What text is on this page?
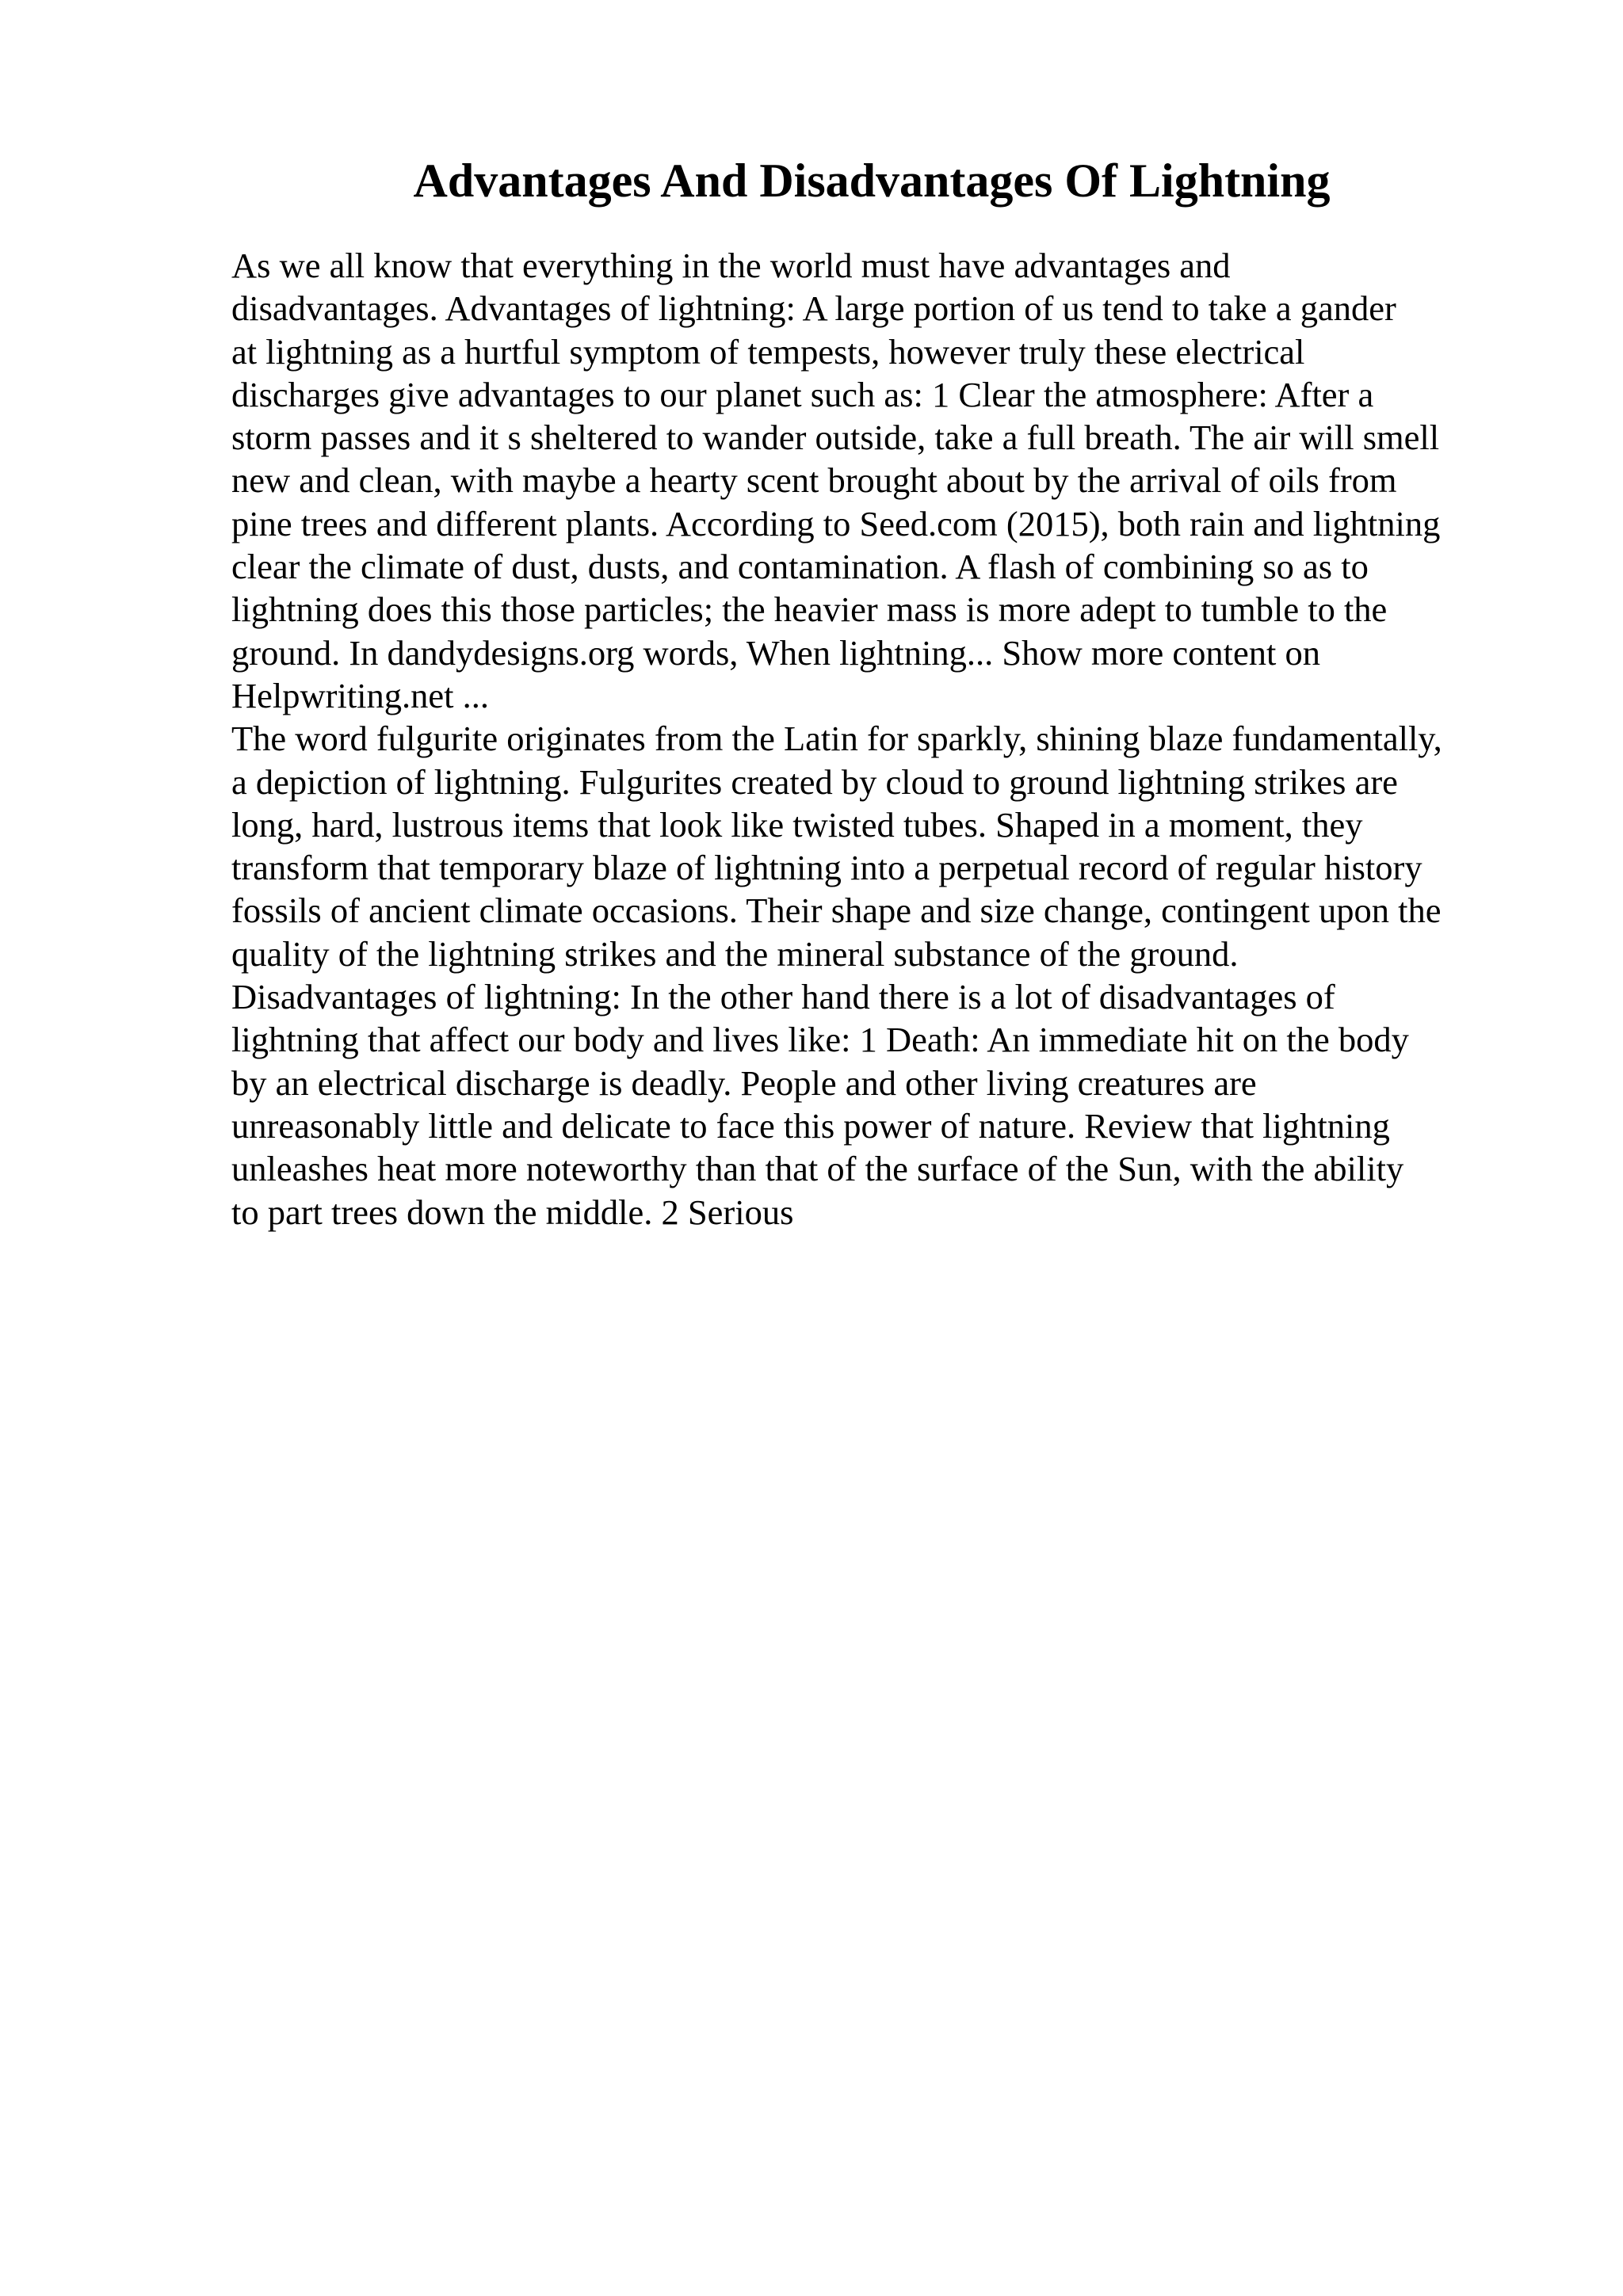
Advantages And Disadvantages Of Lightning
As we all know that everything in the world must have advantages and
disadvantages. Advantages of lightning: A large portion of us tend to take a gander
at lightning as a hurtful symptom of tempests, however truly these electrical
discharges give advantages to our planet such as: 1 Clear the atmosphere: After a
storm passes and it s sheltered to wander outside, take a full breath. The air will smell
new and clean, with maybe a hearty scent brought about by the arrival of oils from
pine trees and different plants. According to Seed.com (2015), both rain and lightning
clear the climate of dust, dusts, and contamination. A flash of combining so as to
lightning does this those particles; the heavier mass is more adept to tumble to the
ground. In dandydesigns.org words, When lightning... Show more content on
Helpwriting.net ...
The word fulgurite originates from the Latin for sparkly, shining blaze fundamentally,
a depiction of lightning. Fulgurites created by cloud to ground lightning strikes are
long, hard, lustrous items that look like twisted tubes. Shaped in a moment, they
transform that temporary blaze of lightning into a perpetual record of regular history
fossils of ancient climate occasions. Their shape and size change, contingent upon the
quality of the lightning strikes and the mineral substance of the ground.
Disadvantages of lightning: In the other hand there is a lot of disadvantages of
lightning that affect our body and lives like: 1 Death: An immediate hit on the body
by an electrical discharge is deadly. People and other living creatures are
unreasonably little and delicate to face this power of nature. Review that lightning
unleashes heat more noteworthy than that of the surface of the Sun, with the ability
to part trees down the middle. 2 Serious
